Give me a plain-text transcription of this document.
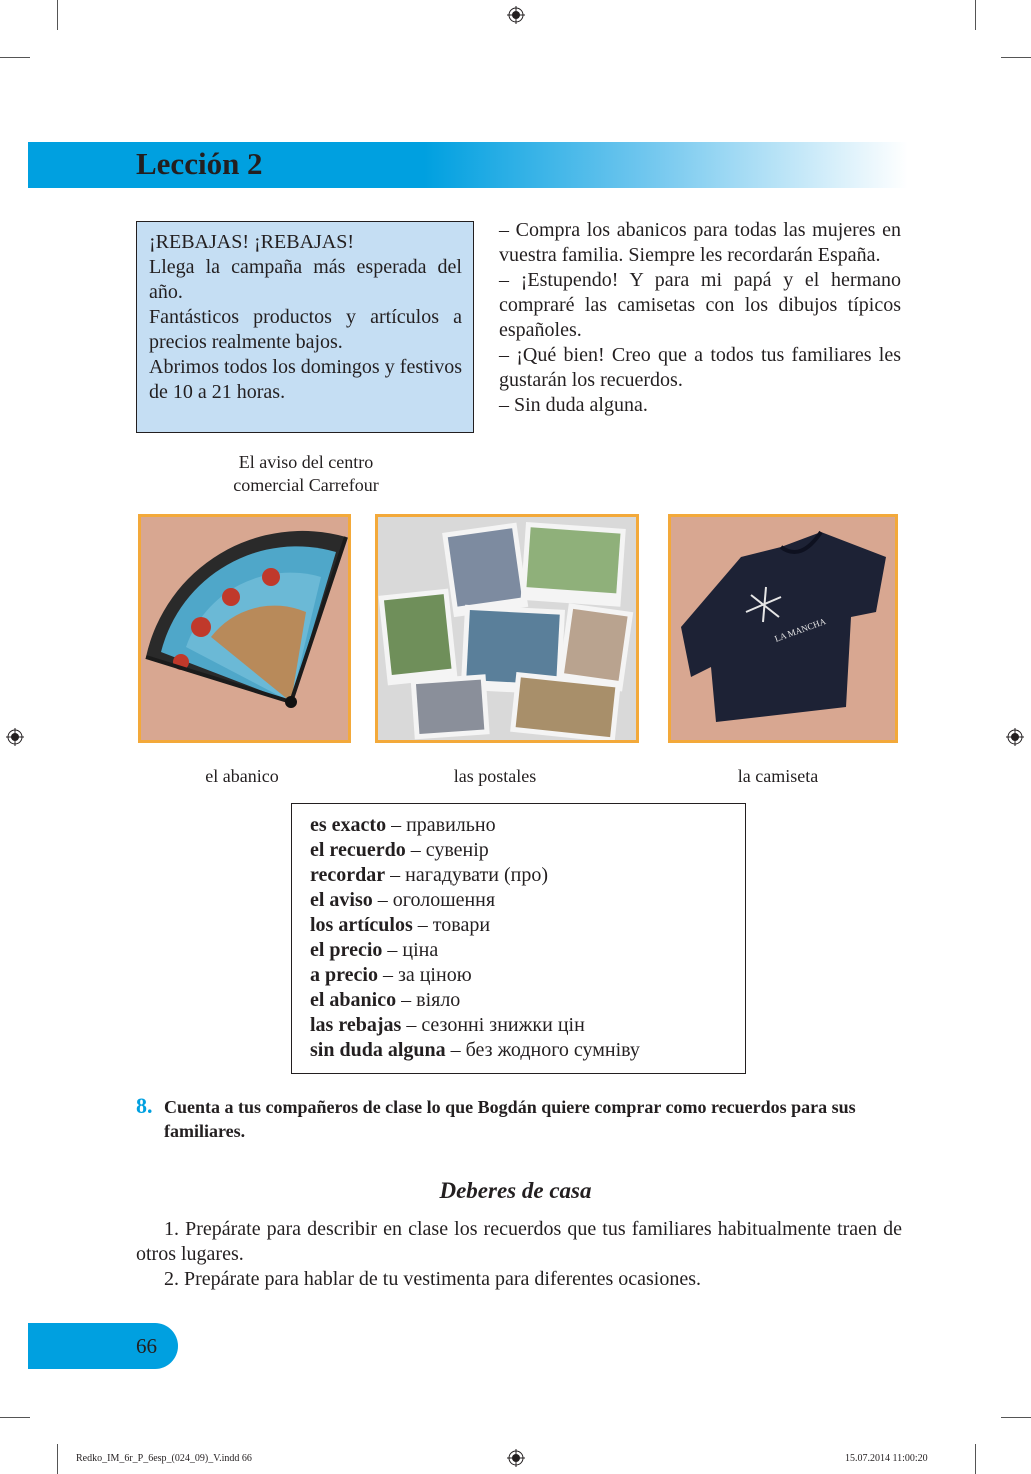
Lección 2
¡REBAJAS! ¡REBAJAS!
Llega la campaña más esperada del año.
Fantásticos productos y artículos a precios realmente bajos.
Abrimos todos los domingos y festivos de 10 a 21 horas.
El aviso del centro
comercial Carrefour
– Compra los abanicos para todas las mujeres en vuestra familia. Siempre les recordarán España.
– ¡Estupendo! Y para mi papá y el hermano compraré las camisetas con los dibujos típicos españoles.
– ¡Qué bien! Creo que a todos tus familiares les gustarán los recuerdos.
– Sin duda alguna.
LA MANCHA
el abanico	las postales	la camiseta
es exacto – правильно
el recuerdo – сувенір
recordar – нагадувати (про)
el aviso – оголошення
los artículos – товари
el precio – ціна
a precio – за ціною
el abanico – віяло
las rebajas – сезонні знижки цін
sin duda alguna – без жодного сумніву
8. Cuenta a tus compañeros de clase lo que Bogdán quiere comprar como recuerdos para sus familiares.
Deberes de casa
1. Prepárate para describir en clase los recuerdos que tus familiares habitualmente traen de otros lugares.
2. Prepárate para hablar de tu vestimenta para diferentes ocasiones.
66
Redko_IM_6r_P_6esp_(024_09)_V.indd 66	15.07.2014 11:00:20
